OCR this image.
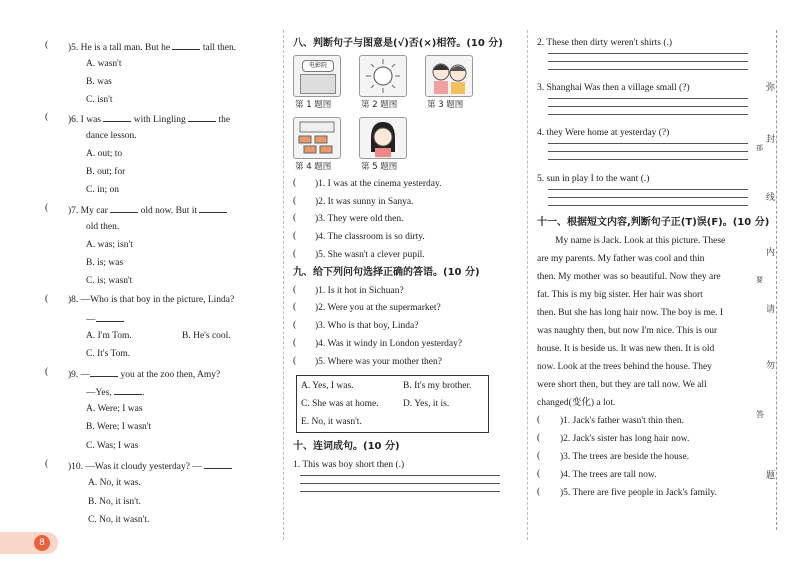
( )5. He is a tall man. But he	tall then.
A. wasn't
B. was
C. isn't
( )6. I was	with Lingling	the
dance lesson.
A. out; to
B. out; for
C. in; on
( )7. My car	old now. But it
old then.
A. was; isn't
B. is; was
C. is; wasn't
( )8. —Who is that boy in the picture, Linda?
—
A. I'm Tom.	B. He's cool.
C. It's Tom.
( )9. —	you at the zoo then, Amy?
—Yes,	.
A. Were; I was
B. Were; I wasn't
C. Was; I was
( )10. —Was it cloudy yesterday? —
A. No, it was.
B. No, it isn't.
C. No, it wasn't.
八、判断句子与图意是(√)否(×)相符。(10 分)
电影院
第 1 题图	第 2 题图	第 3 题图
第 4 题图	第 5 题图
( )1. I was at the cinema yesterday.
( )2. It was sunny in Sanya.
( )3. They were old then.
( )4. The classroom is so dirty.
( )5. She wasn't a clever pupil.
九、给下列问句选择正确的答语。(10 分)
( )1. Is it hot in Sichuan?
( )2. Were you at the supermarket?
( )3. Who is that boy, Linda?
( )4. Was it windy in London yesterday?
( )5. Where was your mother then?
A. Yes, I was.	B. It's my brother.
C. She was at home.	D. Yes, it is.
E. No, it wasn't.
十、连词成句。(10 分)
1. This was boy short then (.)
2. These then dirty weren't shirts (.)
3. Shanghai Was then a village small (?)
4. they Were home at yesterday (?)
5. sun in play I to the want (.)
十一、根据短文内容,判断句子正(T)误(F)。(10 分)
My name is Jack. Look at this picture. These
are my parents. My father was cool and thin
then. My mother was so beautiful. Now they are
fat. This is my big sister. Her hair was short
then. But she has long hair now. The boy is me. I
was naughty then, but now I'm nice. This is our
house. It is beside us. It was new then. It is old
now. Look at the trees behind the house. They
were short then, but they are tall now. We all
changed(变化) a lot.
( )1. Jack's father wasn't thin then.
( )2. Jack's sister has long hair now.
( )3. The trees are beside the house.
( )4. The trees are tall now.
( )5. There are five people in Jack's family.
弥
封
部
线
内
要
请
勿
答
题
8
